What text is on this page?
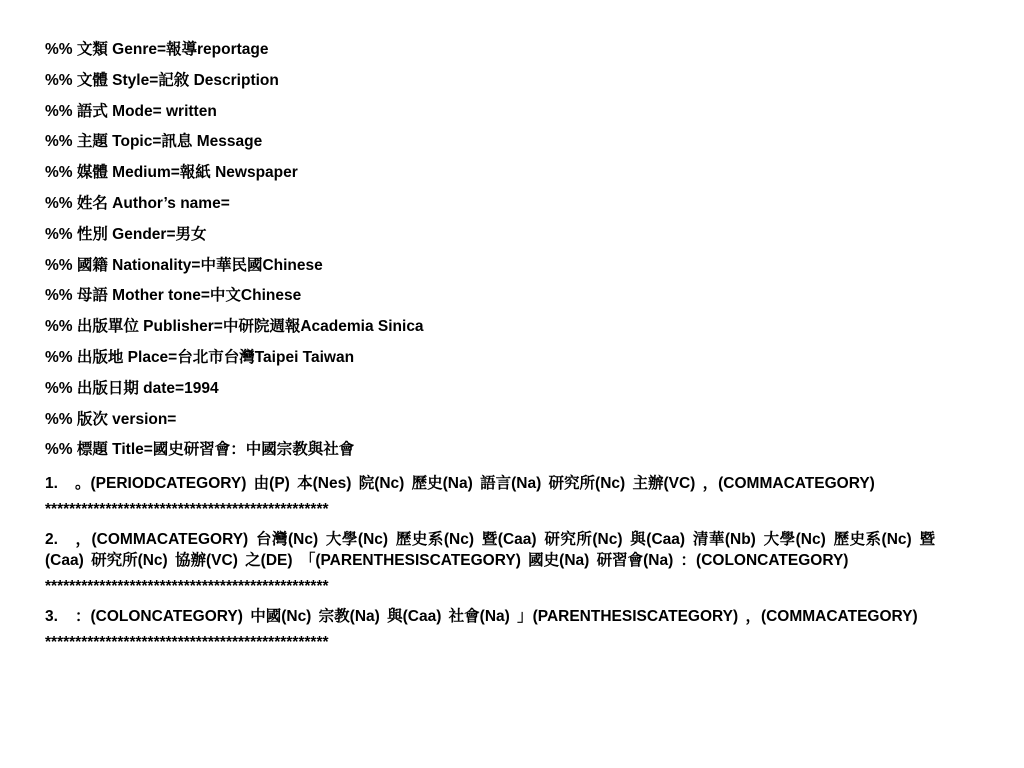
%% 文類 Genre=報導reportage
%% 文體 Style=記敘 Description
%% 語式 Mode= written
%% 主題 Topic=訊息 Message
%% 媒體 Medium=報紙 Newspaper
%% 姓名 Author’s name=
%% 性別 Gender=男女
%% 國籍 Nationality=中華民國Chinese
%% 母語 Mother tone=中文Chinese
%% 出版單位 Publisher=中研院週報Academia Sinica
%% 出版地 Place=台北市台灣Taipei Taiwan
%% 出版日期 date=1994
%% 版次 version=
%% 標題 Title=國史研習會：中國宗教與社會
1. 。(PERIODCATEGORY) 由(P) 本(Nes) 院(Nc) 歷史(Na) 語言(Na) 研究所(Nc) 主辦(VC) ，(COMMACATEGORY)
***********************************************
2. ，(COMMACATEGORY) 台灣(Nc) 大學(Nc) 歷史系(Nc) 暨(Caa) 研究所(Nc) 與(Caa) 清華(Nb) 大學(Nc) 歷史系(Nc) 暨(Caa) 研究所(Nc) 協辦(VC) 之(DE) 「(PARENTHESISCATEGORY) 國史(Na) 研習會(Na) ：(COLONCATEGORY)
***********************************************
3. ：(COLONCATEGORY) 中國(Nc) 宗教(Na) 與(Caa) 社會(Na) 」(PARENTHESISCATEGORY) ，(COMMACATEGORY)
***********************************************
